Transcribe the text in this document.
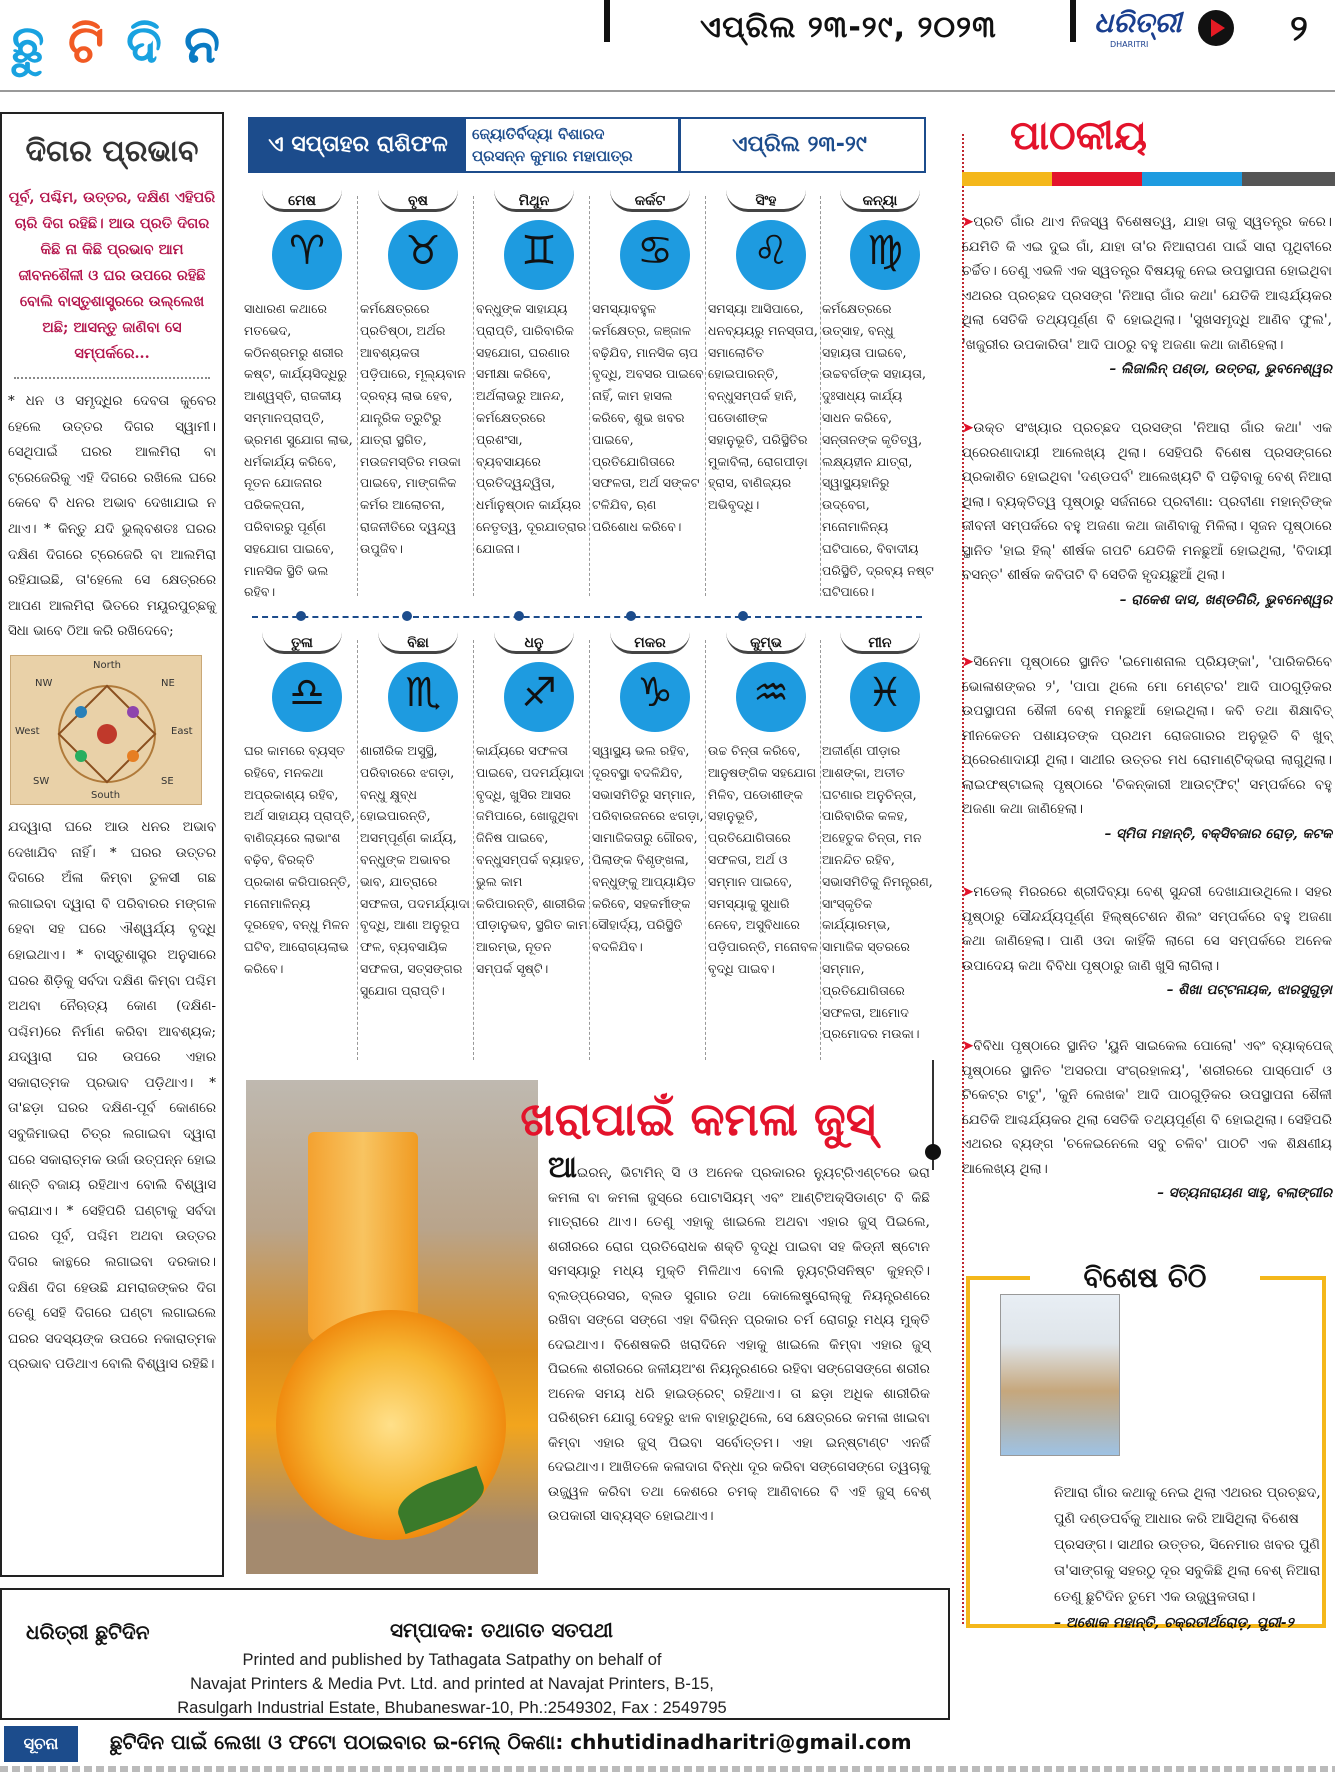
ଛୁ ଟି ଦି ନ	ଏପ୍ରିଲ ୨୩-୨୯, ୨୦୨୩	ଧରିତ୍ରୀ
DHARITRI	୨
ଦିଗର ପ୍ରଭାବ
ପୂର୍ବ, ପଶ୍ଚିମ, ଉତ୍ତର, ଦକ୍ଷିଣ ଏହିପରି ଚାରି ଦିଗ ରହିଛି। ଆଉ ପ୍ରତି ଦିଗର କିଛି ନା କିଛି ପ୍ରଭାବ ଆମ ଜୀବନଶୈଳୀ ଓ ଘର ଉପରେ ରହିଛି ବୋଲି ବାସ୍ତୁଶାସ୍ତ୍ରରେ ଉଲ୍ଲେଖ ଅଛି; ଆସନ୍ତୁ ଜାଣିବା ସେ ସମ୍ପର୍କରେ...
* ଧନ ଓ ସମୃଦ୍ଧିର ଦେବତା କୁବେର ହେଲେ ଉତ୍ତର ଦିଗର ସ୍ୱାମୀ। ସେଥିପାଇଁ ଘରର ଆଲମିରା ବା ଟ୍ରେଜେରିକୁ ଏହି ଦିଗରେ ରଖିଲେ ଘରେ କେବେ ବି ଧନର ଅଭାବ ଦେଖାଯାଇ ନ ଥାଏ। * କିନ୍ତୁ ଯଦି ଭୁଲ୍‌ବଶତଃ ଘରର ଦକ୍ଷିଣ ଦିଗରେ ଟ୍ରେଜେରି ବା ଆଲମିରା ରହିଯାଇଛି, ତା'ହେଲେ ସେ କ୍ଷେତ୍ରରେ ଆପଣ ଆଲମିରା ଭିତରେ ମୟୂରପୁଚ୍ଛକୁ ସିଧା ଭାବେ ଠିଆ କରି ରଖିଦେବେ;
North
NW	NE
West	East
SW
South
SE
ଯଦ୍ୱାରା ଘରେ ଆଉ ଧନର ଅଭାବ ଦେଖାଯିବ ନାହିଁ। * ଘରର ଉତ୍ତର ଦିଗରେ ଅଁଳା କିମ୍ବା ତୁଳସୀ ଗଛ ଲଗାଇବା ଦ୍ୱାରା ବି ପରିବାରର ମଙ୍ଗଳ ହେବା ସହ ଘରେ ଐଶ୍ୱର୍ଯ୍ୟ ବୃଦ୍ଧି ହୋଇଥାଏ। * ବାସ୍ତୁଶାସ୍ତ୍ର ଅନୁସାରେ ଘରର ଶିଡ଼ିକୁ ସର୍ବଦା ଦକ୍ଷିଣ କିମ୍ବା ପଶ୍ଚିମ ଅଥବା ନୈଋତ୍ୟ କୋଣ (ଦକ୍ଷିଣ-ପଶ୍ଚିମ)ରେ ନିର୍ମାଣ କରିବା ଆବଶ୍ୟକ; ଯଦ୍ୱାରା ଘର ଉପରେ ଏହାର ସକାରାତ୍ମକ ପ୍ରଭାବ ପଡ଼ିଥାଏ। * ତା'ଛଡ଼ା ଘରର ଦକ୍ଷିଣ-ପୂର୍ବ କୋଣରେ ସବୁଜିମାଭରା ଚିତ୍ର ଲଗାଇବା ଦ୍ୱାରା ଘରେ ସକାରାତ୍ମକ ଉର୍ଜା ଉତ୍ପନ୍ନ ହୋଇ ଶାନ୍ତି ବଜାୟ ରହିଥାଏ ବୋଲି ବିଶ୍ୱାସ କରାଯାଏ। * ସେହିପରି ଘଣ୍ଟାକୁ ସର୍ବଦା ଘରର ପୂର୍ବ, ପଶ୍ଚିମ ଅଥବା ଉତ୍ତର ଦିଗର କାନ୍ଥରେ ଲଗାଇବା ଦରକାର। ଦକ୍ଷିଣ ଦିଗ ହେଉଛି ଯମରାଜଙ୍କର ଦିଗ ତେଣୁ ସେହି ଦିଗରେ ଘଣ୍ଟା ଲଗାଇଲେ ଘରର ସଦସ୍ୟଙ୍କ ଉପରେ ନକାରାତ୍ମକ ପ୍ରଭାବ ପଡିଥାଏ ବୋଲି ବିଶ୍ୱାସ ରହିଛି।
ଏ ସପ୍ତାହର ରାଶିଫଳ	ଜ୍ୟୋତିର୍ବିଦ୍ୟା ବିଶାରଦ
ପ୍ରସନ୍ନ କୁମାର ମହାପାତ୍ର	ଏପ୍ରିଲ ୨୩-୨୯
ମେଷ
♈
ସାଧାରଣ କଥାରେ ମତଭେଦ, କଠିନଶ୍ରମରୁ ଶରୀର କଷ୍ଟ, କାର୍ଯ୍ୟସିଦ୍ଧିରୁ ଆଶ୍ୱସ୍ତି, ରାଜକୀୟ ସମ୍ମାନପ୍ରାପ୍ତି, ଭ୍ରମଣ ସୁଯୋଗ ଲାଭ, ଧର୍ମକାର୍ଯ୍ୟ କରିବେ, ନୂତନ ଯୋଜନାର ପରିକଳ୍ପନା, ପରିବାରରୁ ପୂର୍ଣ୍ଣ ସହଯୋଗ ପାଇବେ, ମାନସିକ ସ୍ଥିତି ଭଲ ରହିବ।
ବୃଷ
♉
କର୍ମକ୍ଷେତ୍ରରେ ପ୍ରତିଷ୍ଠା, ଅର୍ଥର ଆବଶ୍ୟକତା ପଡ଼ିପାରେ, ମୂଲ୍ୟବାନ ଦ୍ରବ୍ୟ ଲାଭ ହେବ, ଯାନ୍ତ୍ରିକ ତ୍ରୁଟିରୁ ଯାତ୍ରା ସ୍ଥଗିତ, ମଉଜମସ୍ତିର ମଉକା ପାଇବେ, ମାଙ୍ଗଳିକ କର୍ମର ଆଲୋଚନା, ରାଜନୀତିରେ ଦ୍ୱନ୍ଦ୍ୱ ଉପୁଜିବ।
ମିଥୁନ
♊
ବନ୍ଧୁଙ୍କ ସାହାଯ୍ୟ ପ୍ରାପ୍ତି, ପାରିବାରିକ ସହଯୋଗ, ଘରଣାର ସମୀକ୍ଷା କରିବେ, ଅର୍ଥଲାଭରୁ ଆନନ୍ଦ, କର୍ମକ୍ଷେତ୍ରରେ ପ୍ରଶଂସା, ବ୍ୟବସାୟରେ ପ୍ରତିଦ୍ୱନ୍ଦ୍ୱିତା, ଧର୍ମାନୁଷ୍ଠାନ କାର୍ଯ୍ୟର ନେତୃତ୍ୱ, ଦୂରଯାତ୍ରାର ଯୋଜନା।
କର୍କଟ
♋
ସମସ୍ୟାବହୁଳ କର୍ମକ୍ଷେତ୍ର, ଜଞ୍ଜାଳ ବଢ଼ିଯିବ, ମାନସିକ ଚାପ ବୃଦ୍ଧି, ଅବସର ପାଇବେ ନାହିଁ, କାମ ହାସଲ କରିବେ, ଶୁଭ ଖବର ପାଇବେ, ପ୍ରତିଯୋଗିତାରେ ସଫଳତା, ଅର୍ଥ ସଙ୍କଟ ଟଳିଯିବ, ଋଣ ପରିଶୋଧ କରିବେ।
ସିଂହ
♌
ସମସ୍ୟା ଆସିପାରେ, ଧନବ୍ୟୟରୁ ମନସ୍ତାପ, ସମାଲୋଚିତ ହୋଇପାରନ୍ତି, ବନ୍ଧୁସମ୍ପର୍କ ହାନି, ପଡୋଶୀଙ୍କ ସହାନୁଭୂତି, ପରିସ୍ଥିତିର ମୁକାବିଲା, ରୋଗପୀଡ଼ା ହ୍ରାସ, ବାଣିଜ୍ୟର ଅଭିବୃଦ୍ଧି।
କନ୍ୟା
♍
କର୍ମକ୍ଷେତ୍ରରେ ଉତ୍ସାହ, ବନ୍ଧୁ ସହାୟତା ପାଇବେ, ଉଚ୍ଚବର୍ଗଙ୍କ ସହାୟତା, ଦୁଃସାଧ୍ୟ କାର୍ଯ୍ୟ ସାଧନ କରିବେ, ସନ୍ତାନଙ୍କ କୃତିତ୍ୱ, ଲକ୍ଷ୍ୟହୀନ ଯାତ୍ରା, ସ୍ୱାସ୍ଥ୍ୟହାନିରୁ ଉଦ୍‌ବେଗ, ମନୋମାଳିନ୍ୟ ଘଟିପାରେ, ବିବାଦୀୟ ପରିସ୍ଥିତି, ଦ୍ରବ୍ୟ ନଷ୍ଟ ଘଟିପାରେ।
ତୁଳା
♎
ଘର କାମରେ ବ୍ୟସ୍ତ ରହିବେ, ମନକଥା ଅପ୍ରକାଶ୍ୟ ରହିବ, ଅର୍ଥ ସାହାଯ୍ୟ ପ୍ରାପ୍ତି, ବାଣିଜ୍ୟରେ ଲାଭାଂଶ ବଢ଼ିବ, ବିରକ୍ତି ପ୍ରକାଶ କରିପାରନ୍ତି, ମନୋମାଳିନ୍ୟ ଦୂରହେବ, ବନ୍ଧୁ ମିଳନ ଘଟିବ, ଆରୋଗ୍ୟଲାଭ କରିବେ।
ବିଛା
♏
ଶାରୀରିକ ଅସୁସ୍ଥି, ପରିବାରରେ ଝଗଡ଼ା, ବନ୍ଧୁ କ୍ଷୁବ୍ଧ ହୋଇପାରନ୍ତି, ଅସମ୍ପୂର୍ଣ୍ଣ କାର୍ଯ୍ୟ, ବନ୍ଧୁଙ୍କ ଅଭାବର ଭାବ, ଯାତ୍ରାରେ ସଫଳତା, ପଦମର୍ଯ୍ୟାଦା ବୃଦ୍ଧି, ଆଶା ଅନୁରୂପ ଫଳ, ବ୍ୟବସାୟିକ ସଫଳତା, ସତ୍ସଙ୍ଗର ସୁଯୋଗ ପ୍ରାପ୍ତି।
ଧନୁ
♐
କାର୍ଯ୍ୟରେ ସଫଳତା ପାଇବେ, ପଦମର୍ଯ୍ୟାଦା ବୃଦ୍ଧି, ଖୁସିର ଆସର ଜମିପାରେ, ଖୋଜୁଥିବା ଜିନିଷ ପାଇବେ, ବନ୍ଧୁସମ୍ପର୍କ ବ୍ୟାହତ, ଭୁଲ କାମ କରିପାରନ୍ତି, ଶାରୀରିକ ପୀଡ଼ାନୁଭବ, ସ୍ଥଗିତ କାମ ଆରମ୍ଭ, ନୂତନ ସମ୍ପର୍କ ସୃଷ୍ଟି।
ମକର
♑
ସ୍ୱାସ୍ଥ୍ୟ ଭଲ ରହିବ, ଦୂରବସ୍ଥା ବଦଳିଯିବ, ସଭାସମିତିରୁ ସମ୍ମାନ, ପରିବାରଜନରେ ଝଗଡ଼ା, ସାମାଜିକତାରୁ ଗୌରବ, ପିଲାଙ୍କ ବିଶୃଙ୍ଖଳା, ବନ୍ଧୁଙ୍କୁ ଆପ୍ୟାୟିତ କରିବେ, ସହକର୍ମୀଙ୍କ ସୌହାର୍ଦ୍ୟ, ପରିସ୍ଥିତି ବଦଳିଯିବ।
କୁମ୍ଭ
♒
ଉଚ୍ଚ ଚିନ୍ତା କରିବେ, ଆନୁଷଙ୍ଗିକ ସହଯୋଗ ମିଳିବ, ପଡୋଶୀଙ୍କ ସହାନୁଭୂତି, ପ୍ରତିଯୋଗିତାରେ ସଫଳତା, ଅର୍ଥ ଓ ସମ୍ମାନ ପାଇବେ, ସମସ୍ୟାକୁ ସୁଧାରି ନେବେ, ଅସୁବିଧାରେ ପଡ଼ିପାରନ୍ତି, ମନୋବଳ ବୃଦ୍ଧି ପାଇବ।
ମୀନ
♓
ଅଜୀର୍ଣ୍ଣ ପୀଡ଼ାର ଆଶଙ୍କା, ଅତୀତ ଘଟଣାର ଅନୁଚିନ୍ତା, ପାରିବାରିକ କଳହ, ଅହେତୁକ ଚିନ୍ତା, ମନ ଆନନ୍ଦିତ ରହିବ, ସଭାସମିତିକୁ ନିମନ୍ତ୍ରଣ, ସାଂସ୍କୃତିକ କାର୍ଯ୍ୟାରମ୍ଭ, ସାମାଜିକ ସ୍ତରରେ ସମ୍ମାନ, ପ୍ରତିଯୋଗିତାରେ ସଫଳତା, ଆମୋଦ ପ୍ରମୋଦର ମଉକା।
ଖରାପାଇଁ କମଳା ଜୁସ୍
ଆଇରନ୍, ଭିଟାମିନ୍ ସି ଓ ଅନେକ ପ୍ରକାରର ନ୍ୟୁଟ୍ରିଏଣ୍ଟରେ ଭରା କମଳା ବା କମଳା ଜୁସ୍‌ରେ ପୋଟାସିୟମ୍ ଏବଂ ଆଣ୍ଟିଅକ୍ସିଡାଣ୍ଟ ବି କିଛି ମାତ୍ରାରେ ଥାଏ। ତେଣୁ ଏହାକୁ ଖାଇଲେ ଅଥବା ଏହାର ଜୁସ୍ ପିଇଲେ, ଶରୀରରେ ରୋଗ ପ୍ରତିରୋଧକ ଶକ୍ତି ବୃଦ୍ଧି ପାଇବା ସହ କିଡ୍‌ନୀ ଷ୍ଟୋନ ସମସ୍ୟାରୁ ମଧ୍ୟ ମୁକ୍ତି ମିଳିଥାଏ ବୋଲି ନ୍ୟୁଟ୍ରିସନିଷ୍ଟ କୁହନ୍ତି। ବ୍ଲଡ୍‌ପ୍ରେସର, ବ୍ଲଡ ସୁଗାର ତଥା କୋଲେଷ୍ଟ୍ରୋଲ୍‌କୁ ନିୟନ୍ତ୍ରଣରେ ରଖିବା ସଙ୍ଗେ ସଙ୍ଗେ ଏହା ବିଭିନ୍ନ ପ୍ରକାର ଚର୍ମ ରୋଗରୁ ମଧ୍ୟ ମୁକ୍ତି ଦେଇଥାଏ। ବିଶେଷକରି ଖରାଦିନେ ଏହାକୁ ଖାଇଲେ କିମ୍ବା ଏହାର ଜୁସ୍ ପିଇଲେ ଶରୀରରେ ଜଳୀୟଅଂଶ ନିୟନ୍ତ୍ରଣରେ ରହିବା ସଙ୍ଗେସଙ୍ଗେ ଶରୀର ଅନେକ ସମୟ ଧରି ହାଇଡ୍ରେଟ୍ ରହିଥାଏ। ତା ଛଡ଼ା ଅଧିକ ଶାରୀରିକ ପରିଶ୍ରମ ଯୋଗୁ ଦେହରୁ ଝାଳ ବାହାରୁଥିଲେ, ସେ କ୍ଷେତ୍ରରେ କମଳା ଖାଇବା କିମ୍ବା ଏହାର ଜୁସ୍ ପିଇବା ସର୍ବୋତ୍ତମ। ଏହା ଇନ୍‌ଷ୍ଟାଣ୍ଟ ଏନର୍ଜି ଦେଇଥାଏ। ଆଖିତଳେ କଳାଦାଗ ବିନ୍ଧା ଦୂର କରିବା ସଙ୍ଗେସଙ୍ଗେ ତ୍ୱଚାକୁ ଉଜ୍ଜ୍ୱଳ କରିବା ତଥା କେଶରେ ଚମକ୍ ଆଣିବାରେ ବି ଏହି ଜୁସ୍ ବେଶ୍ ଉପକାରୀ ସାବ୍ୟସ୍ତ ହୋଇଥାଏ।
ପାଠକୀୟ
➤ପ୍ରତି ଗାଁର ଥାଏ ନିଜସ୍ୱ ବିଶେଷତ୍ୱ, ଯାହା ତାକୁ ସ୍ୱତନ୍ତ୍ର କରେ। ଯେମିତି କି ଏଇ ଦୁଇ ଗାଁ, ଯାହା ତା'ର ନିଆରାପଣ ପାଇଁ ସାରା ପୃଥିବୀରେ ଚର୍ଚ୍ଚିତ। ତେଣୁ ଏଭଳି ଏକ ସ୍ୱତନ୍ତ୍ର ବିଷୟକୁ ନେଇ ଉପସ୍ଥାପନା ହୋଇଥିବା ଏଥରର ପ୍ରଚ୍ଛଦ ପ୍ରସଙ୍ଗ 'ନିଆରା ଗାଁର କଥା' ଯେତିକି ଆଶ୍ଚର୍ଯ୍ୟକର ଥିଲା ସେତିକି ତଥ୍ୟପୂର୍ଣ୍ଣ ବି ହୋଇଥିଲା। 'ସୁଖସମୃଦ୍ଧି ଆଣିବ ଫୁଲ', 'ଖଜୁରୀର ଉପକାରିତା' ଆଦି ପାଠରୁ ବହୁ ଅଜଣା କଥା ଜାଣିହେଲା।
– ଲିଜାଲିନ୍ ପଣ୍ଡା, ଉତ୍ତରା, ଭୁବନେଶ୍ୱର
➤ଉକ୍ତ ସଂଖ୍ୟାର ପ୍ରଚ୍ଛଦ ପ୍ରସଙ୍ଗ 'ନିଆରା ଗାଁର କଥା' ଏକ ପ୍ରେରଣାଦାୟୀ ଆଲେଖ୍ୟ ଥିଲା। ସେହିପରି ବିଶେଷ ପ୍ରସଙ୍ଗରେ ପ୍ରକାଶିତ ହୋଇଥିବା 'ଦଣ୍ଡପର୍ବ' ଆଲେଖ୍ୟଟି ବି ପଢ଼ିବାକୁ ବେଶ୍ ନିଆରା ଥିଲା। ବ୍ୟକ୍ତିତ୍ୱ ପୃଷ୍ଠାରୁ ସର୍ଜନାରେ ପ୍ରବୀଣା: ପ୍ରବୀଣା ମହାନ୍ତିଙ୍କ ଜୀବନୀ ସମ୍ପର୍କରେ ବହୁ ଅଜଣା କଥା ଜାଣିବାକୁ ମିଳିଲା। ସୃଜନ ପୃଷ୍ଠାରେ ସ୍ଥାନିତ 'ହାଇ ହିଲ୍' ଶୀର୍ଷକ ଗପଟି ଯେତିକି ମନଛୁଆଁ ହୋଇଥିଲା, 'ବିଦାୟୀ ବସନ୍ତ' ଶୀର୍ଷକ କବିତାଟି ବି ସେତିକି ହୃଦୟଛୁଆଁ ଥିଲା।
– ରାକେଶ ଦାସ, ଖଣ୍ଡଗିରି, ଭୁବନେଶ୍ୱର
➤ସିନେମା ପୃଷ୍ଠାରେ ସ୍ଥାନିତ 'ଇମୋଶନାଲ ପ୍ରିୟଙ୍କା', 'ପାରିକରିବେ ଭୋଳାଶଙ୍କର ୨', 'ପାପା ଥିଲେ ମୋ ମେଣ୍ଟର' ଆଦି ପାଠଗୁଡ଼ିକର ଉପସ୍ଥାପନା ଶୈଳୀ ବେଶ୍ ମନଛୁଆଁ ହୋଇଥିଲା। କବି ତଥା ଶିକ୍ଷାବିତ୍ ମୀନକେତନ ପଶାୟତଙ୍କ ପ୍ରଥମ ରୋଜଗାରର ଅନୁଭୂତି ବି ଖୁବ୍ ପ୍ରେରଣାଦାୟୀ ଥିଲା। ସାଥୀର ଉତ୍ତର ମଧ ରୋମାଣ୍ଟିକ୍‌ଭରା ଲାଗୁଥିଲା। ଲାଇଫଷ୍ଟାଇଲ୍ ପୃଷ୍ଠାରେ 'ଚିକନ୍‌କାରୀ ଆଉଟ୍‌ଫିଟ୍' ସମ୍ପର୍କରେ ବହୁ ଅଜଣା କଥା ଜାଣିହେଲା।
– ସ୍ମିତା ମହାନ୍ତି, ବକ୍ସିବଜାର ରୋଡ଼, କଟକ
➤ମଡେଲ୍ ମିରରରେ ଶ୍ରୀଦିବ୍ୟା ବେଶ୍ ସୁନ୍ଦରୀ ଦେଖାଯାଉଥିଲେ। ସହର ପୃଷ୍ଠାରୁ ସୌନ୍ଦର୍ଯ୍ୟପୂର୍ଣ୍ଣ ହିଲ୍‌ଷ୍ଟେଶନ ଶିଲଂ ସମ୍ପର୍କରେ ବହୁ ଅଜଣା କଥା ଜାଣିହେଲା। ପାଣି ଓଦା କାହିଁକି ଲାଗେ ସେ ସମ୍ପର୍କରେ ଅନେକ ଉପାଦେୟ କଥା ବିବିଧା ପୃଷ୍ଠାରୁ ଜାଣି ଖୁସି ଲାଗିଲା।
– ଶିଖା ପଟ୍ଟନାୟକ, ଝାରସୁଗୁଡ଼ା
➤ବିବିଧା ପୃଷ୍ଠାରେ ସ୍ଥାନିତ 'ୟୁନି ସାଇକେଲ ପୋଲୋ' ଏବଂ ବ୍ୟାକ୍‌ପେଜ୍ ପୃଷ୍ଠାରେ ସ୍ଥାନିତ 'ଅସରପା ସଂଗ୍ରହାଳୟ', 'ଶରୀରରେ ପାସ୍‌ପୋର୍ଟ ଓ ଟିକେଟ୍‌ର ଟାଟୁ', 'କୁନି ଲେଖକ' ଆଦି ପାଠଗୁଡ଼ିକର ଉପସ୍ଥାପନା ଶୈଳୀ ଯେତିକି ଆଶ୍ଚର୍ଯ୍ୟକର ଥିଲା ସେତିକି ତଥ୍ୟପୂର୍ଣ୍ଣ ବି ହୋଇଥିଲା। ସେହିପରି ଏଥରର ବ୍ୟଙ୍ଗ 'ଚଳେଇନେଲେ ସବୁ ଚଳିବ' ପାଠଟି ଏକ ଶିକ୍ଷଣୀୟ ଆଲେଖ୍ୟ ଥିଲା।
– ସତ୍ୟନାରାୟଣ ସାହୁ, ବଲାଙ୍ଗୀର
ବିଶେଷ ଚିଠି
ନିଆରା ଗାଁର କଥାକୁ ନେଇ ଥିଲା ଏଥରର ପ୍ରଚ୍ଛଦ, ପୁଣି ଦଣ୍ଡପର୍ବକୁ ଆଧାର କରି ଆସିଥିଲା ବିଶେଷ ପ୍ରସଙ୍ଗ। ସାଥୀର ଉତ୍ତର, ସିନେମାର ଖବର ପୁଣି ତା'ସାଙ୍ଗକୁ ସହରଠୁ ଦୂର ସବୁକିଛି ଥିଲା ବେଶ୍ ନିଆରା ତେଣୁ ଛୁଟିଦିନ ତୁମେ ଏକ ଉଜ୍ଜ୍ୱଳତାରା।
– ଅଶୋକ ମହାନ୍ତି, ଚକ୍ରତୀର୍ଥରୋଡ଼, ପୁରୀ-୨
ଧରିତ୍ରୀ ଛୁଟିଦିନ	ସମ୍ପାଦକ: ତଥାଗତ ସତପଥୀ
Printed and published by Tathagata Satpathy on behalf of
Navajat Printers & Media Pvt. Ltd. and printed at Navajat Printers, B-15,
Rasulgarh Industrial Estate, Bhubaneswar-10, Ph.:2549302, Fax : 2549795
ସୂଚନା	ଛୁଟିଦିନ ପାଇଁ ଲେଖା ଓ ଫଟୋ ପଠାଇବାର ଇ-ମେଲ୍ ଠିକଣା: chhutidinadharitri@gmail.com
